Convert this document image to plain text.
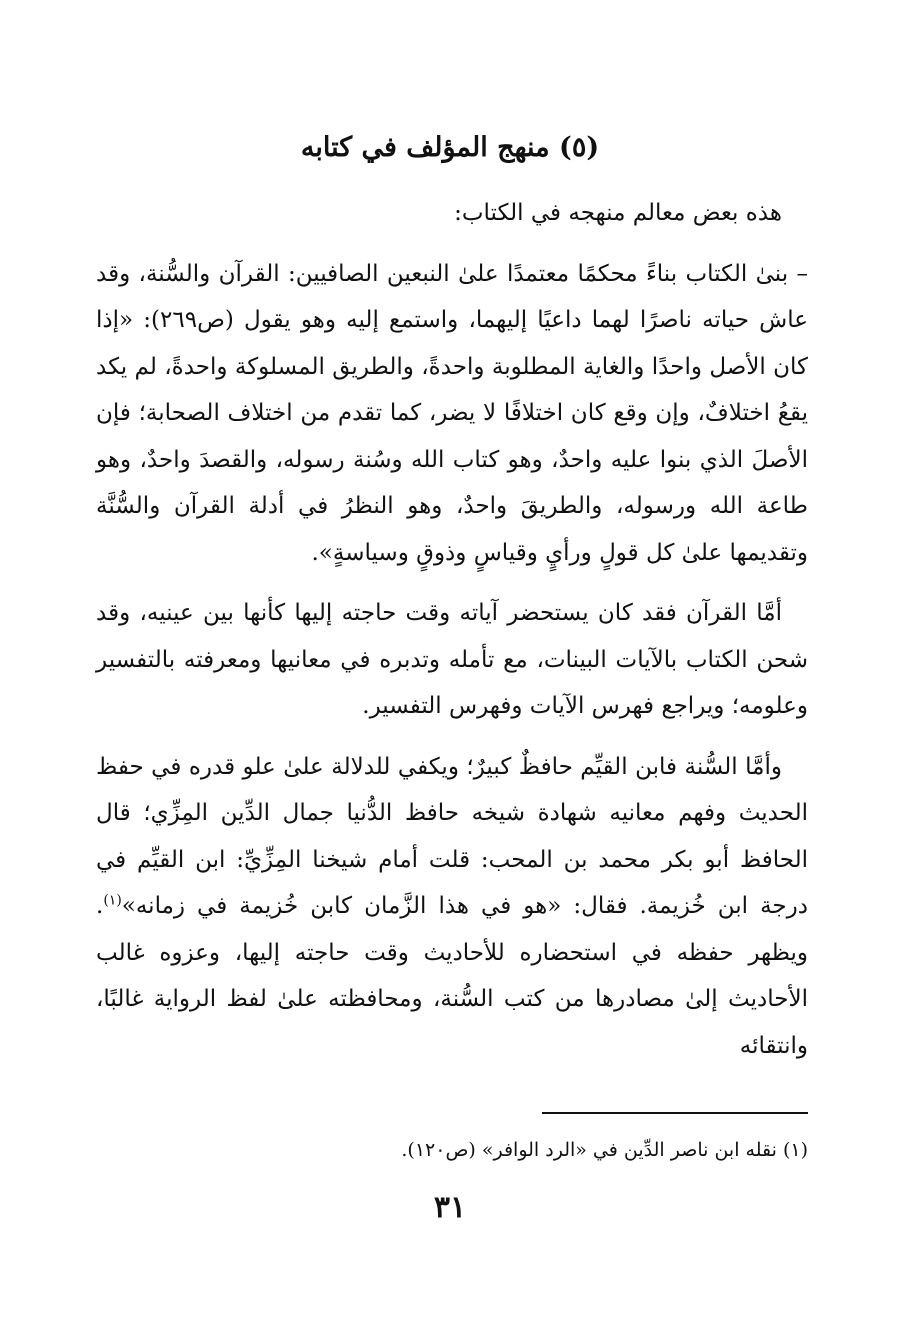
(٥) منهج المؤلف في كتابه

هذه بعض معالم منهجه في الكتاب:

– بنىٰ الكتاب بناءً محكمًا معتمدًا علىٰ النبعين الصافيين: القرآن والسُّنة، وقد عاش حياته ناصرًا لهما داعيًا إليهما، واستمع إليه وهو يقول (ص٢٦٩): «إذا كان الأصل واحدًا والغاية المطلوبة واحدةً، والطريق المسلوكة واحدةً، لم يكد يقعُ اختلافٌ، وإن وقع كان اختلافًا لا يضر، كما تقدم من اختلاف الصحابة؛ فإن الأصلَ الذي بنوا عليه واحدٌ، وهو كتاب الله وسُنة رسوله، والقصدَ واحدٌ، وهو طاعة الله ورسوله، والطريقَ واحدٌ، وهو النظرُ في أدلة القرآن والسُّنَّة وتقديمها علىٰ كل قولٍ ورأيٍ وقياسٍ وذوقٍ وسياسةٍ».

أمَّا القرآن فقد كان يستحضر آياته وقت حاجته إليها كأنها بين عينيه، وقد شحن الكتاب بالآيات البينات، مع تأمله وتدبره في معانيها ومعرفته بالتفسير وعلومه؛ ويراجع فهرس الآيات وفهرس التفسير.

وأمَّا السُّنة فابن القيِّم حافظٌ كبيرٌ؛ ويكفي للدلالة علىٰ علو قدره في حفظ الحديث وفهم معانيه شهادة شيخه حافظ الدُّنيا جمال الدِّين المِزِّي؛ قال الحافظ أبو بكر محمد بن المحب: قلت أمام شيخنا المِزِّيِّ: ابن القيِّم في درجة ابن خُزيمة. فقال: «هو في هذا الزَّمان كابن خُزيمة في زمانه»$^{(١)}$. ويظهر حفظه في استحضاره للأحاديث وقت حاجته إليها، وعزوه غالب الأحاديث إلىٰ مصادرها من كتب السُّنة، ومحافظته علىٰ لفظ الرواية غالبًا، وانتقائه

(١) نقله ابن ناصر الدِّين في «الرد الوافر» (ص١٢٠).
٣١
